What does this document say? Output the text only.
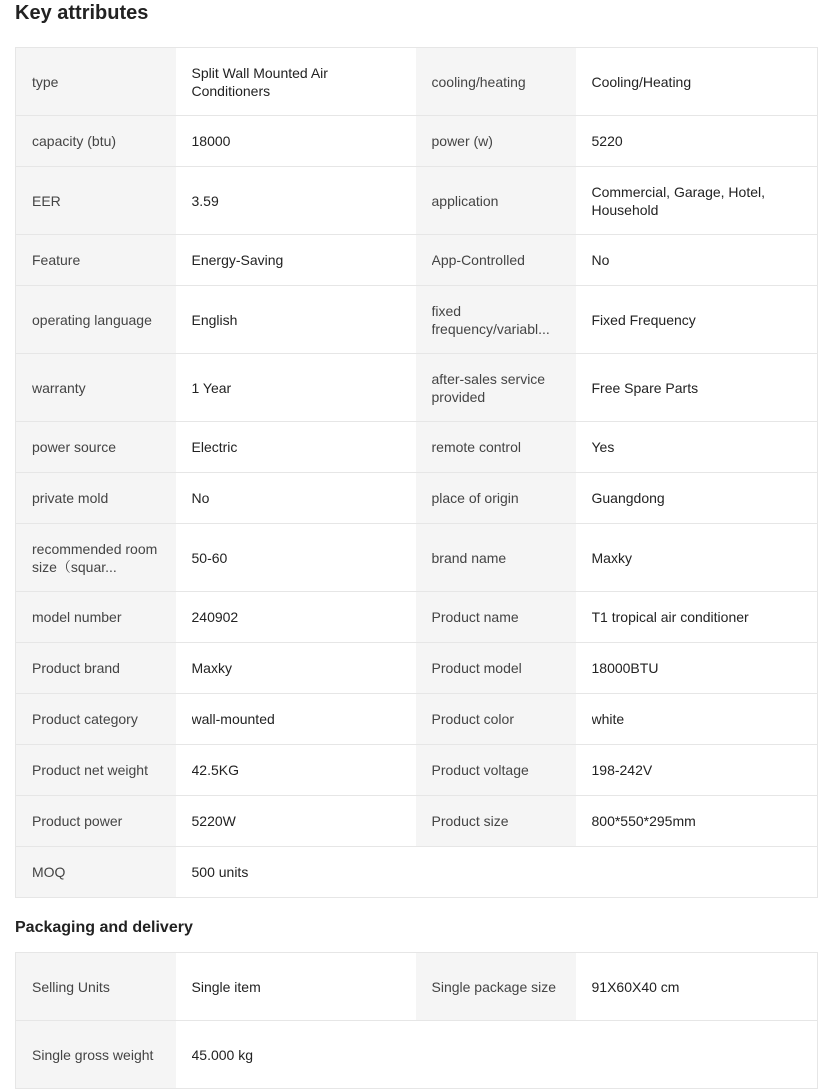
Key attributes
type	Split Wall Mounted Air Conditioners	cooling/heating	Cooling/Heating

capacity (btu)	18000	power (w)	5220

EER	3.59	application	Commercial, Garage, Hotel, Household

Feature	Energy-Saving	App-Controlled	No

operating language	English	fixed frequency/variabl...	Fixed Frequency

warranty	1 Year	after-sales service provided	Free Spare Parts

power source	Electric	remote control	Yes

private mold	No	place of origin	Guangdong

recommended room size（squar...	50-60	brand name	Maxky

model number	240902	Product name	T1 tropical air conditioner

Product brand	Maxky	Product model	18000BTU

Product category	wall-mounted	Product color	white

Product net weight	42.5KG	Product voltage	198-242V

Product power	5220W	Product size	800*550*295mm

MOQ	500 units		

Packaging and delivery
Selling Units	Single item	Single package size	91X60X40 cm

Single gross weight	45.000 kg		
